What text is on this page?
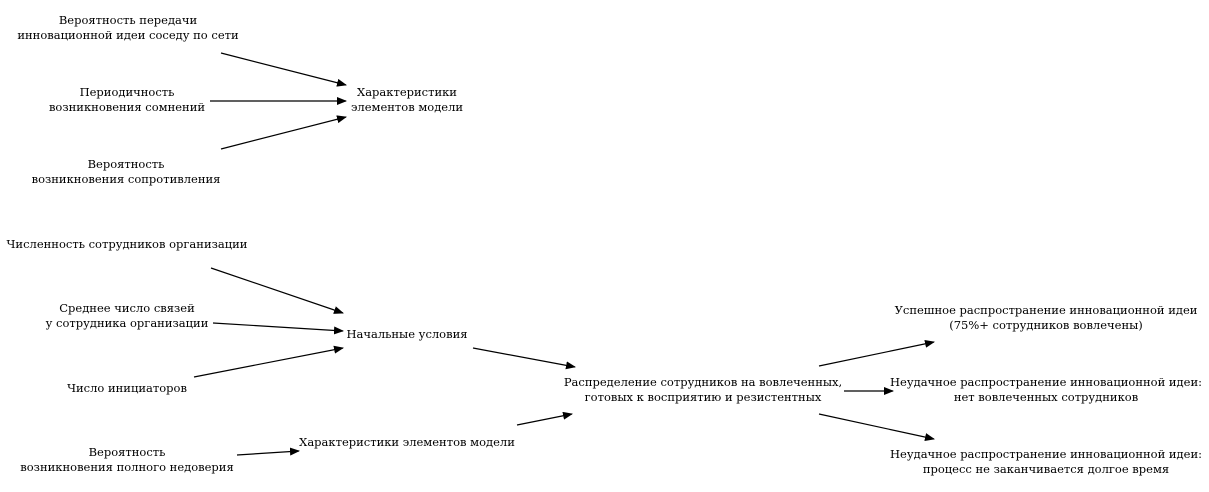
Вероятность передачи
инновационной идеи соседу по сети
Периодичность
возникновения сомнений
Вероятность
возникновения сопротивления
Характеристики
элементов модели
Численность сотрудников организации
Среднее число связей
у сотрудника организации
Число инициаторов
Вероятность
возникновения полного недоверия
Начальные условия
Характеристики элементов модели
Распределение сотрудников на вовлеченных,
готовых к восприятию и резистентных
Успешное распространение инновационной идеи
(75%+ сотрудников вовлечены)
Неудачное распространение инновационной идеи:
нет вовлеченных сотрудников
Неудачное распространение инновационной идеи:
процесс не заканчивается долгое время
